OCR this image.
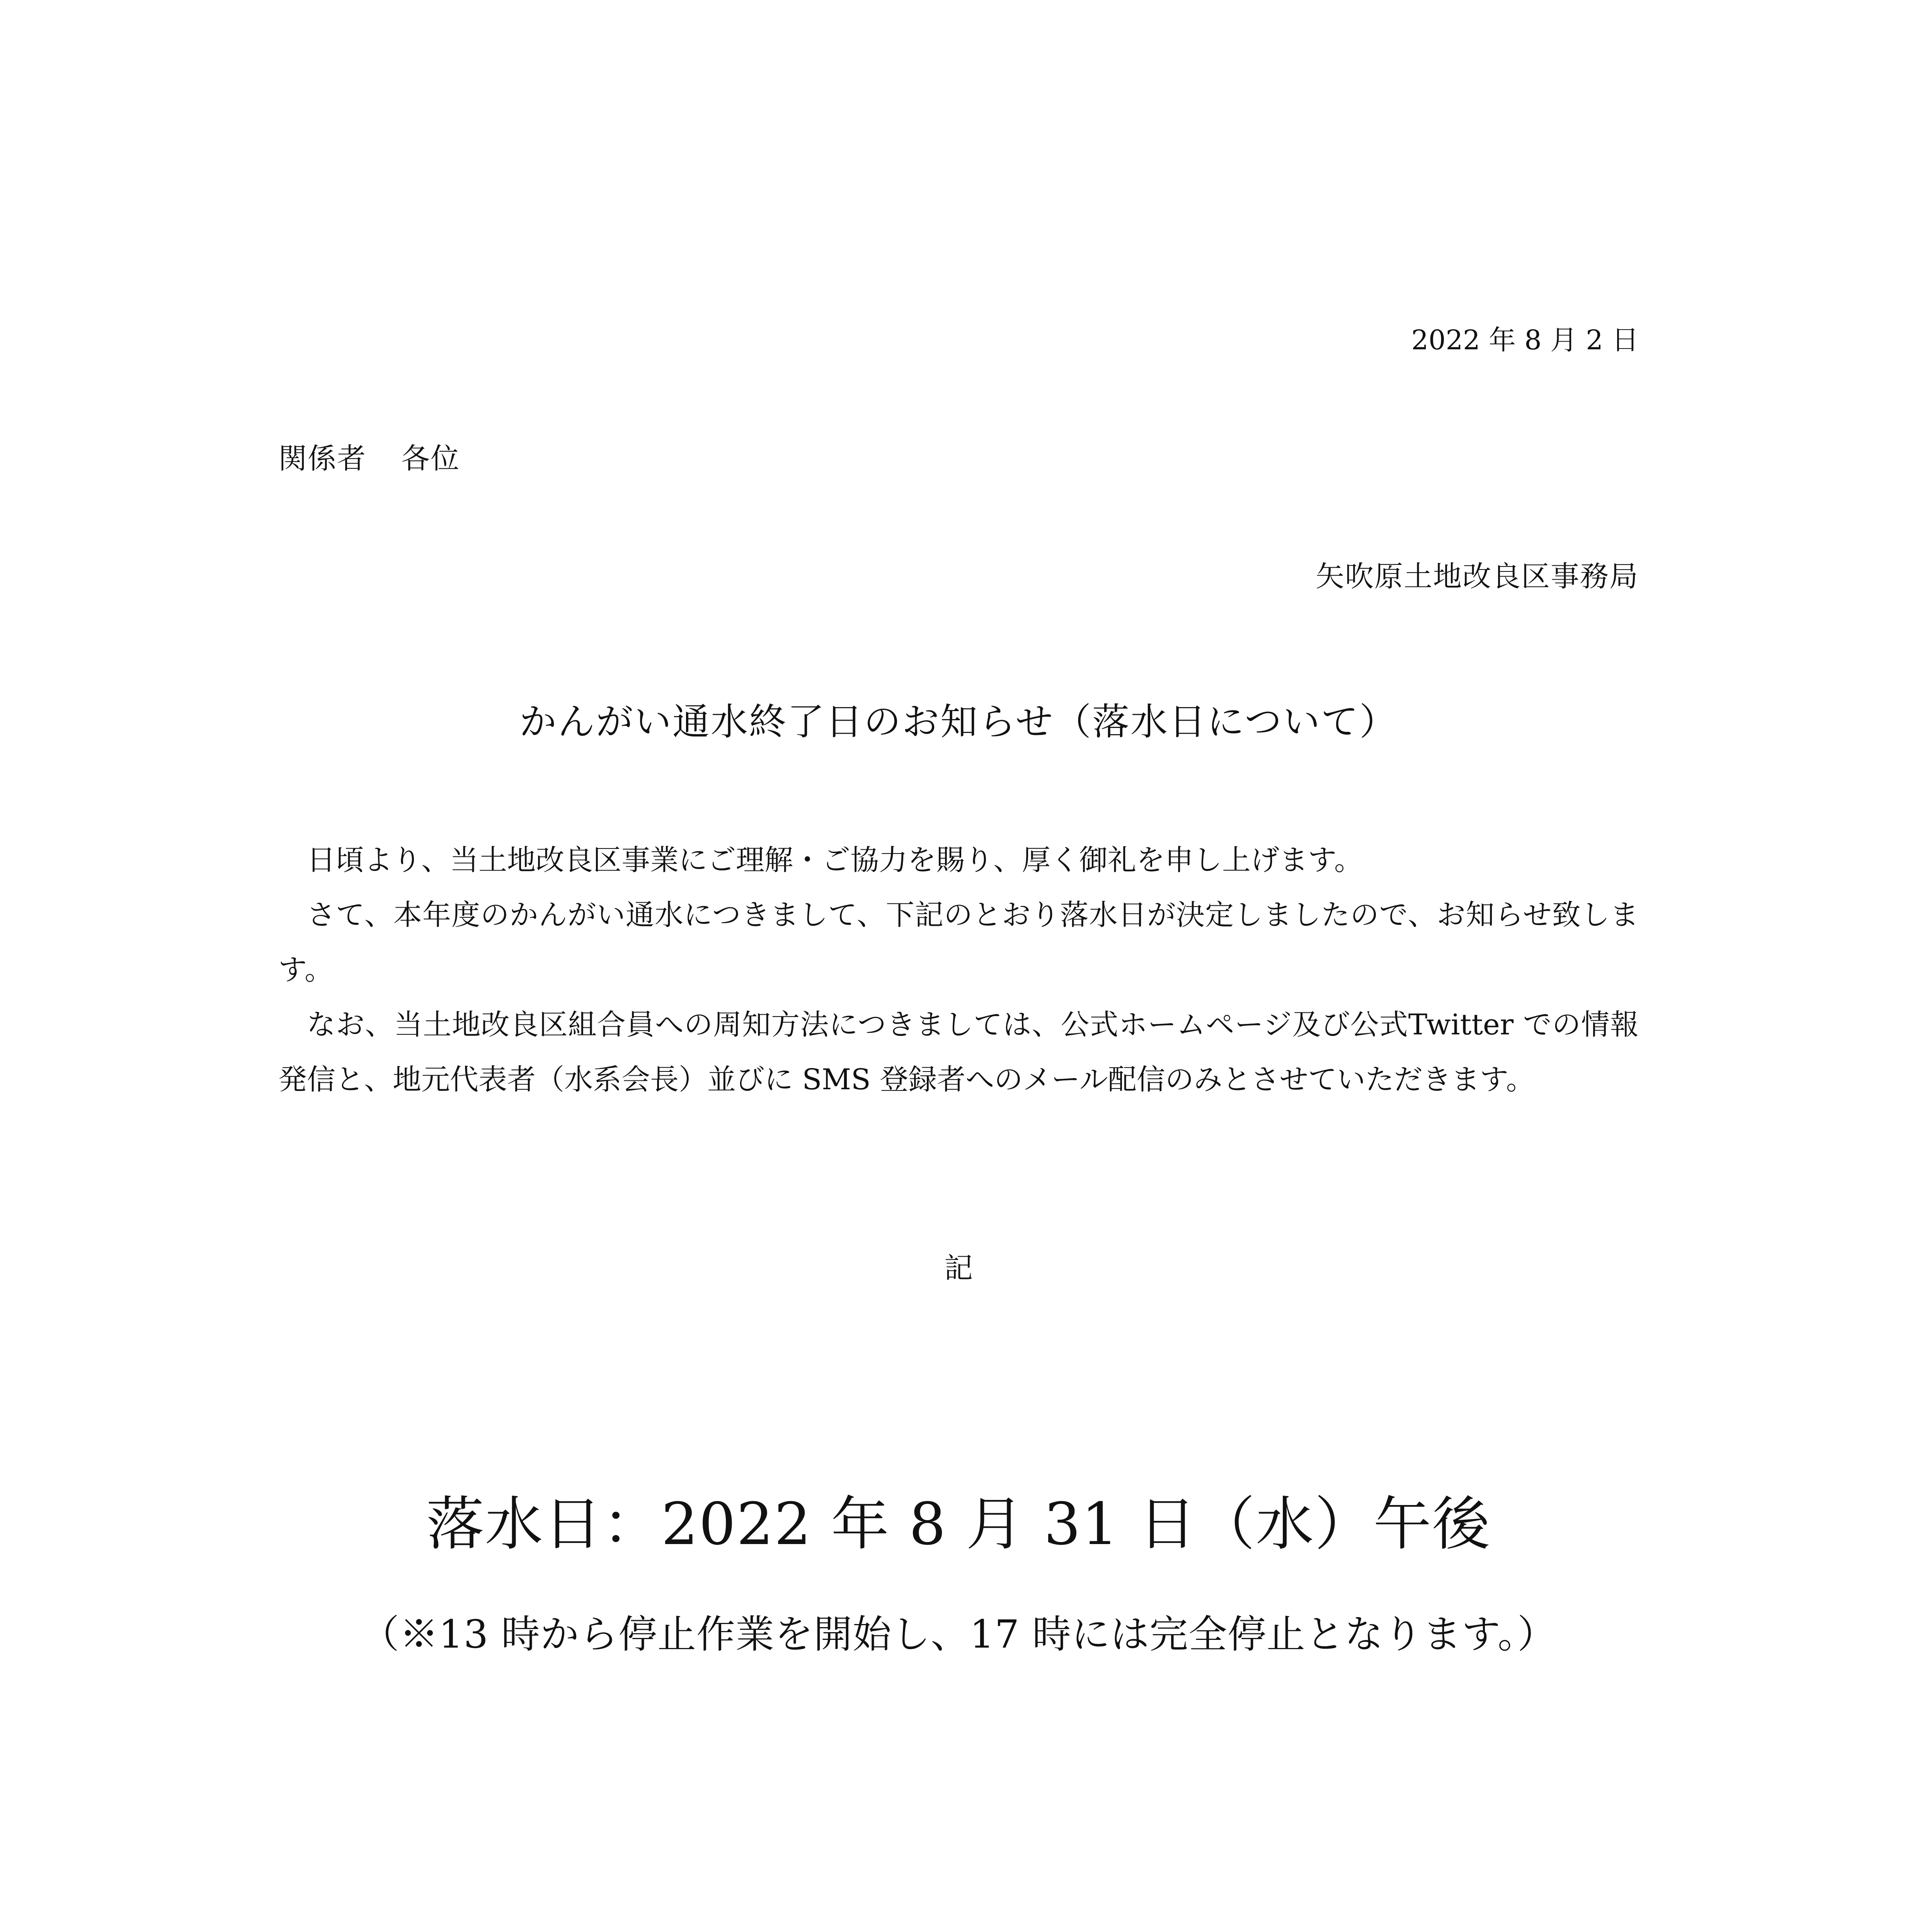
2022 年 8 月 2 日
関係者 各位
矢吹原土地改良区事務局
かんがい通水終了日のお知らせ（落水日について）

日頃より、当土地改良区事業にご理解・ご協力を賜り、厚く御礼を申し上げます。

さて、本年度のかんがい通水につきまして、下記のとおり落水日が決定しましたので、お知らせ致します。

なお、当土地改良区組合員への周知方法につきましては、公式ホームページ及び公式Twitter での情報発信と、地元代表者（水系会長）並びに SMS 登録者へのメール配信のみとさせていただきます。

記
落水日：2022 年 8 月 31 日（水）午後
（※13 時から停止作業を開始し、17 時には完全停止となります。）
